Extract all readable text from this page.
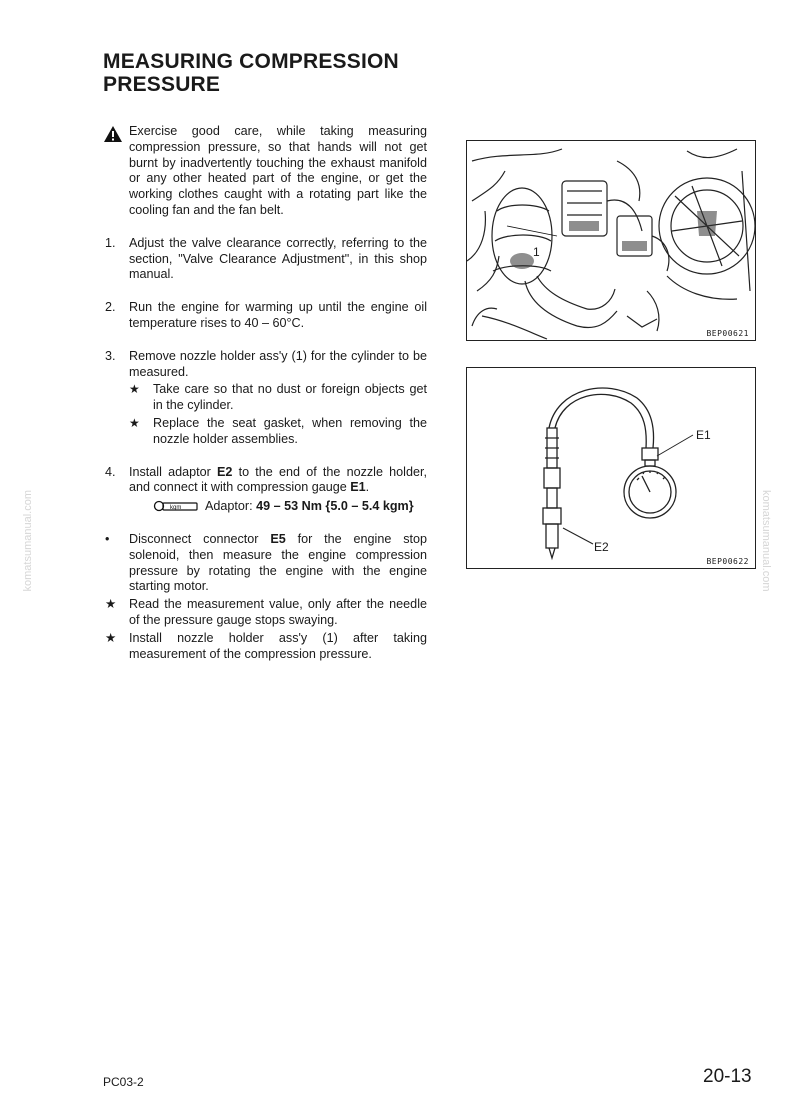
MEASURING COMPRESSION
PRESSURE
Exercise good care, while taking measuring compression pressure, so that hands will not get burnt by inadvertently touching the exhaust manifold or any other heated part of the engine, or get the working clothes caught with a rotating part like the cooling fan and the fan belt.
1. Adjust the valve clearance correctly, referring to the section, "Valve Clearance Adjustment", in this shop manual.
2. Run the engine for warming up until the engine oil temperature rises to 40 – 60°C.
3. Remove nozzle holder ass'y (1) for the cylinder to be measured.
★ Take care so that no dust or foreign objects get in the cylinder.
★ Replace the seat gasket, when removing the nozzle holder assemblies.
4. Install adaptor E2 to the end of the nozzle holder, and connect it with compression gauge E1.
kgm Adaptor: 49 – 53 Nm {5.0 – 5.4 kgm}
• Disconnect connector E5 for the engine stop solenoid, then measure the engine compression pressure by rotating the engine with the engine starting motor.
★ Read the measurement value, only after the needle of the pressure gauge stops swaying.
★ Install nozzle holder ass'y (1) after taking measurement of the compression pressure.
1
BEP00621
E1
E2
BEP00622
komatsumanual.com	komatsumanual.com
PC03-2	20-13
